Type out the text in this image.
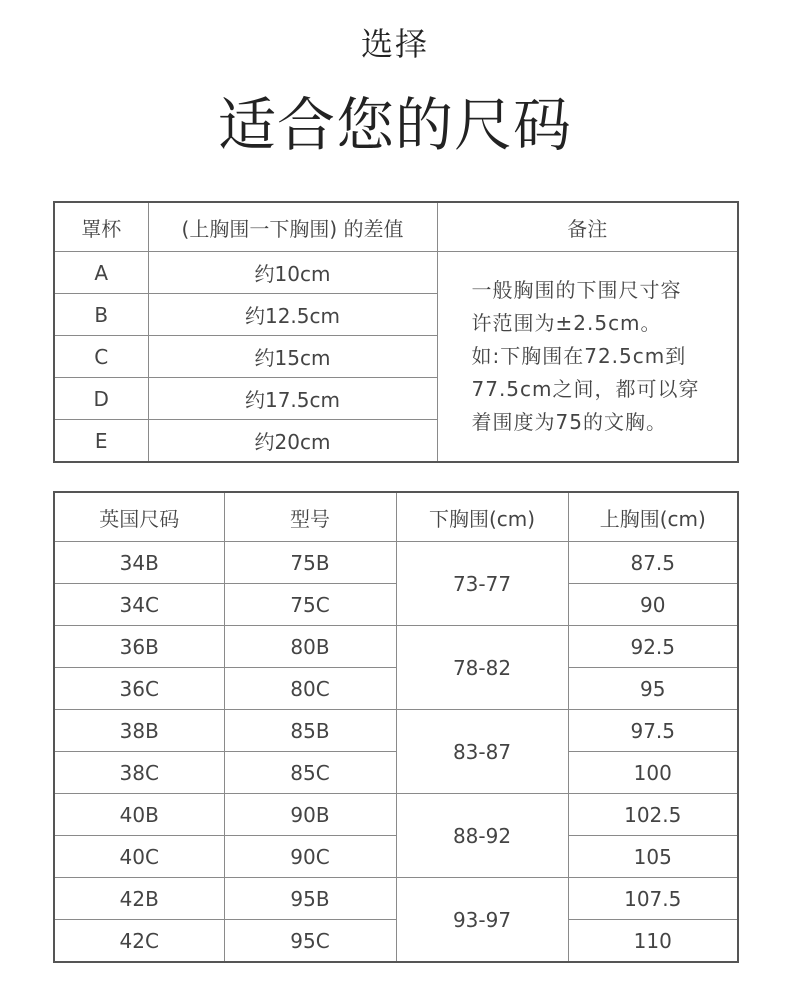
选择
适合您的尺码
罩杯	(上胸围一下胸围) 的差值	备注
A	约10cm	一般胸围的下围尺寸容
许范围为±2.5cm。
如:下胸围在72.5cm到
77.5cm之间，都可以穿
着围度为75的文胸。

B	约12.5cm	
C	约15cm	
D	约17.5cm	
E	约20cm	
英国尺码	型号	下胸围(cm)	上胸围(cm)
34B	75B	73-77	87.5
34C	75C		90
36B	80B	78-82	92.5
36C	80C		95
38B	85B	83-87	97.5
38C	85C		100
40B	90B	88-92	102.5
40C	90C		105
42B	95B	93-97	107.5
42C	95C		110
